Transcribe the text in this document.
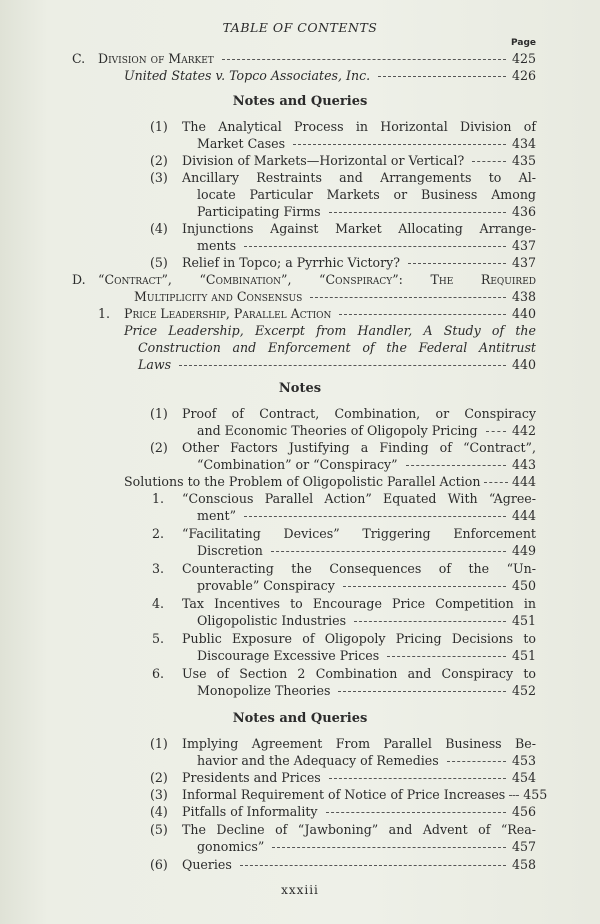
TABLE OF CONTENTS
Page
C. Division of Market	425
United States v. Topco Associates, Inc.	426
Notes and Queries
(1) The Analytical Process in Horizontal Division of
Market Cases	434
(2) Division of Markets—Horizontal or Vertical?	435
(3) Ancillary Restraints and Arrangements to Al-
locate Particular Markets or Business Among
Participating Firms	436
(4) Injunctions Against Market Allocating Arrange-
ments	437
(5) Relief in Topco; a Pyrrhic Victory?	437
D. “Contract”, “Combination”, “Conspiracy”: The Required
Multiplicity and Consensus	438
1. Price Leadership, Parallel Action	440
Price Leadership, Excerpt from Handler, A Study of the
Construction and Enforcement of the Federal Antitrust
Laws	440
Notes
(1) Proof of Contract, Combination, or Conspiracy
and Economic Theories of Oligopoly Pricing	442
(2) Other Factors Justifying a Finding of “Contract”,
“Combination” or “Conspiracy”	443
Solutions to the Problem of Oligopolistic Parallel Action	444
1. “Conscious Parallel Action” Equated With “Agree-
ment”	444
2. “Facilitating Devices” Triggering Enforcement
Discretion	449
3. Counteracting the Consequences of the “Un-
provable” Conspiracy	450
4. Tax Incentives to Encourage Price Competition in
Oligopolistic Industries	451
5. Public Exposure of Oligopoly Pricing Decisions to
Discourage Excessive Prices	451
6. Use of Section 2 Combination and Conspiracy to
Monopolize Theories	452
Notes and Queries
(1) Implying Agreement From Parallel Business Be-
havior and the Adequacy of Remedies	453
(2) Presidents and Prices	454
(3) Informal Requirement of Notice of Price Increases 455
(4) Pitfalls of Informality	456
(5) The Decline of “Jawboning” and Advent of “Rea-
gonomics”	457
(6) Queries	458
xxxiii
